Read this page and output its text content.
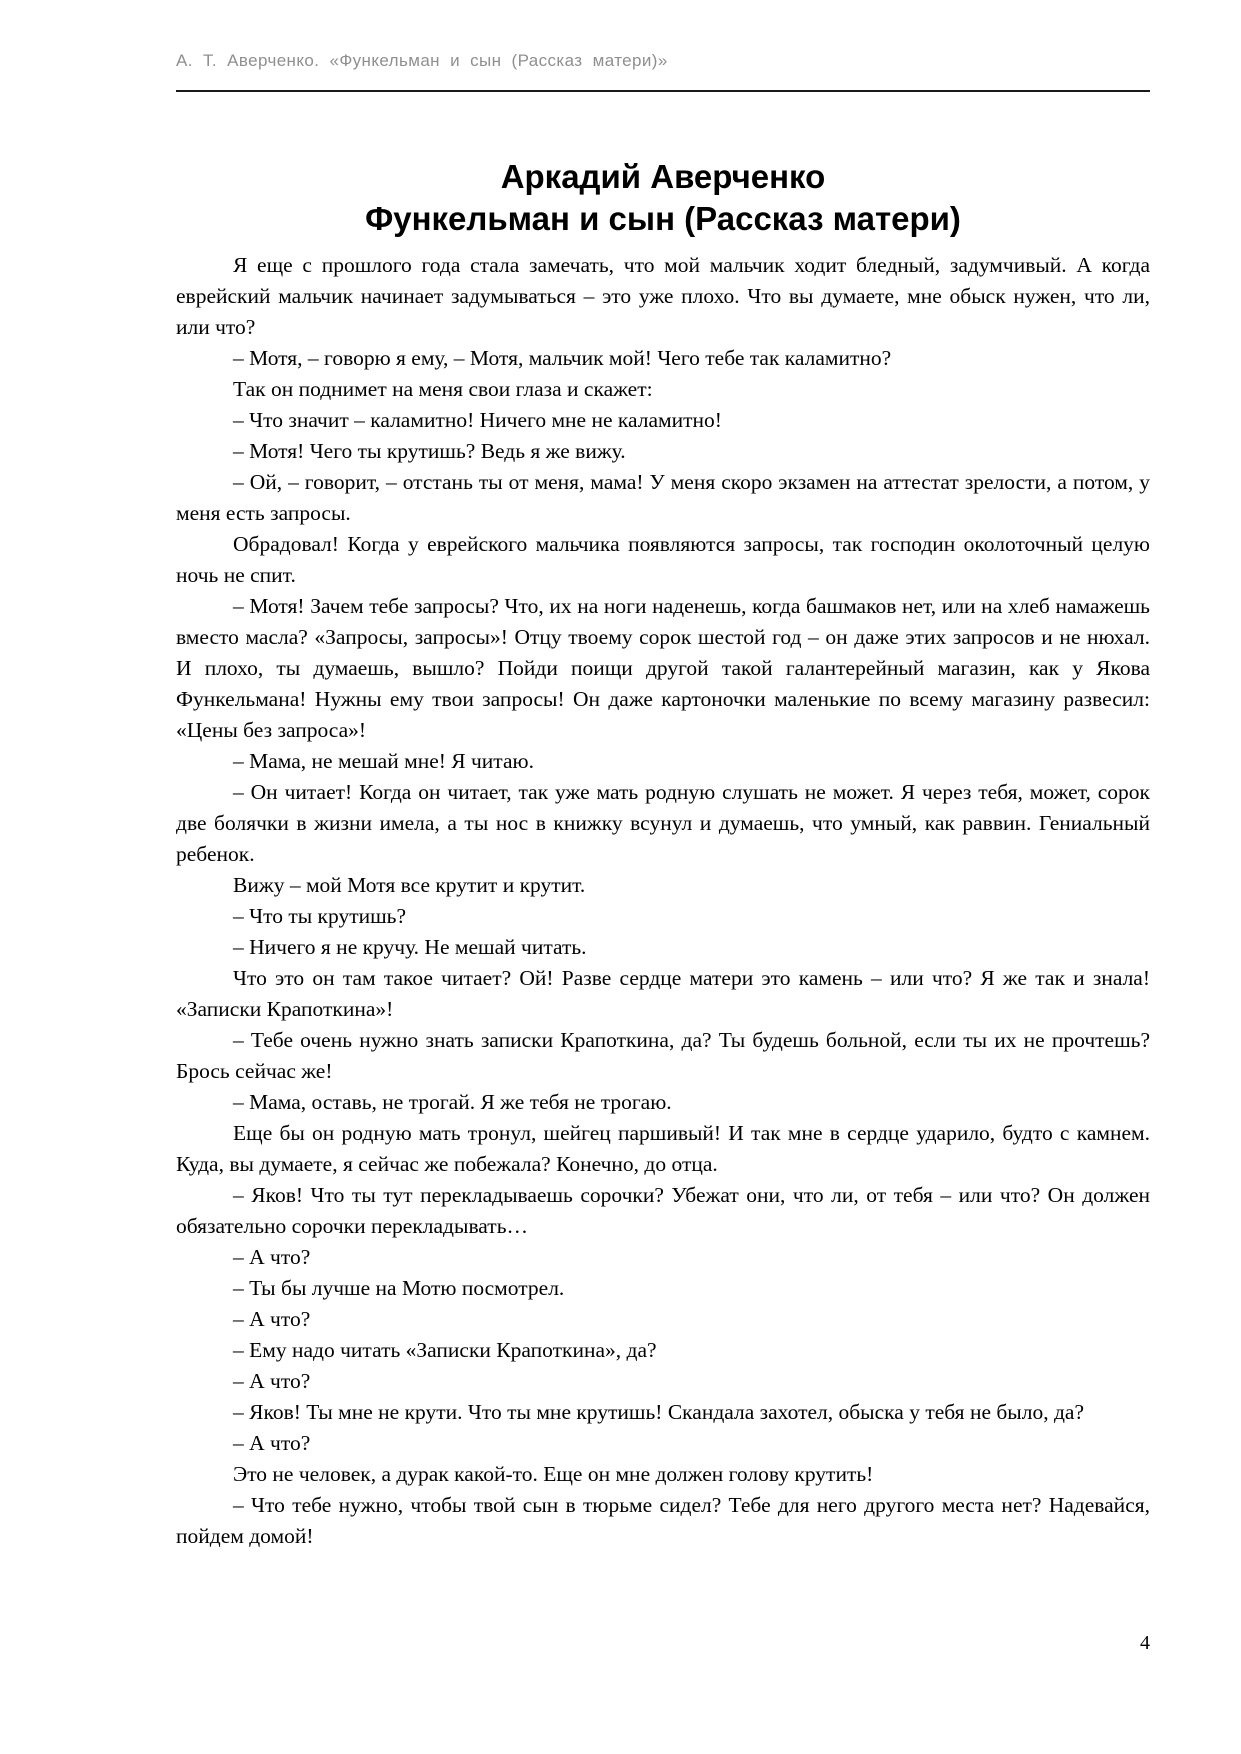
А. Т. Аверченко. «Функельман и сын (Рассказ матери)»
Аркадий Аверченко
Функельман и сын (Рассказ матери)

Я еще с прошлого года стала замечать, что мой мальчик ходит бледный, задумчивый. А когда еврейский мальчик начинает задумываться – это уже плохо. Что вы думаете, мне обыск нужен, что ли, или что?

– Мотя, – говорю я ему, – Мотя, мальчик мой! Чего тебе так каламитно?

Так он поднимет на меня свои глаза и скажет:

– Что значит – каламитно! Ничего мне не каламитно!

– Мотя! Чего ты крутишь? Ведь я же вижу.

– Ой, – говорит, – отстань ты от меня, мама! У меня скоро экзамен на аттестат зрелости, а потом, у меня есть запросы.

Обрадовал! Когда у еврейского мальчика появляются запросы, так господин околоточный целую ночь не спит.

– Мотя! Зачем тебе запросы? Что, их на ноги наденешь, когда башмаков нет, или на хлеб намажешь вместо масла? «Запросы, запросы»! Отцу твоему сорок шестой год – он даже этих запросов и не нюхал. И плохо, ты думаешь, вышло? Пойди поищи другой такой галантерейный магазин, как у Якова Функельмана! Нужны ему твои запросы! Он даже картоночки маленькие по всему магазину развесил: «Цены без запроса»!

– Мама, не мешай мне! Я читаю.

– Он читает! Когда он читает, так уже мать родную слушать не может. Я через тебя, может, сорок две болячки в жизни имела, а ты нос в книжку всунул и думаешь, что умный, как раввин. Гениальный ребенок.

Вижу – мой Мотя все крутит и крутит.

– Что ты крутишь?

– Ничего я не кручу. Не мешай читать.

Что это он там такое читает? Ой! Разве сердце матери это камень – или что? Я же так и знала! «Записки Крапоткина»!

– Тебе очень нужно знать записки Крапоткина, да? Ты будешь больной, если ты их не прочтешь? Брось сейчас же!

– Мама, оставь, не трогай. Я же тебя не трогаю.

Еще бы он родную мать тронул, шейгец паршивый! И так мне в сердце ударило, будто с камнем. Куда, вы думаете, я сейчас же побежала? Конечно, до отца.

– Яков! Что ты тут перекладываешь сорочки? Убежат они, что ли, от тебя – или что? Он должен обязательно сорочки перекладывать…

– А что?

– Ты бы лучше на Мотю посмотрел.

– А что?

– Ему надо читать «Записки Крапоткина», да?

– А что?

– Яков! Ты мне не крути. Что ты мне крутишь! Скандала захотел, обыска у тебя не было, да?

– А что?

Это не человек, а дурак какой-то. Еще он мне должен голову крутить!

– Что тебе нужно, чтобы твой сын в тюрьме сидел? Тебе для него другого места нет? Надевайся, пойдем домой!

4
